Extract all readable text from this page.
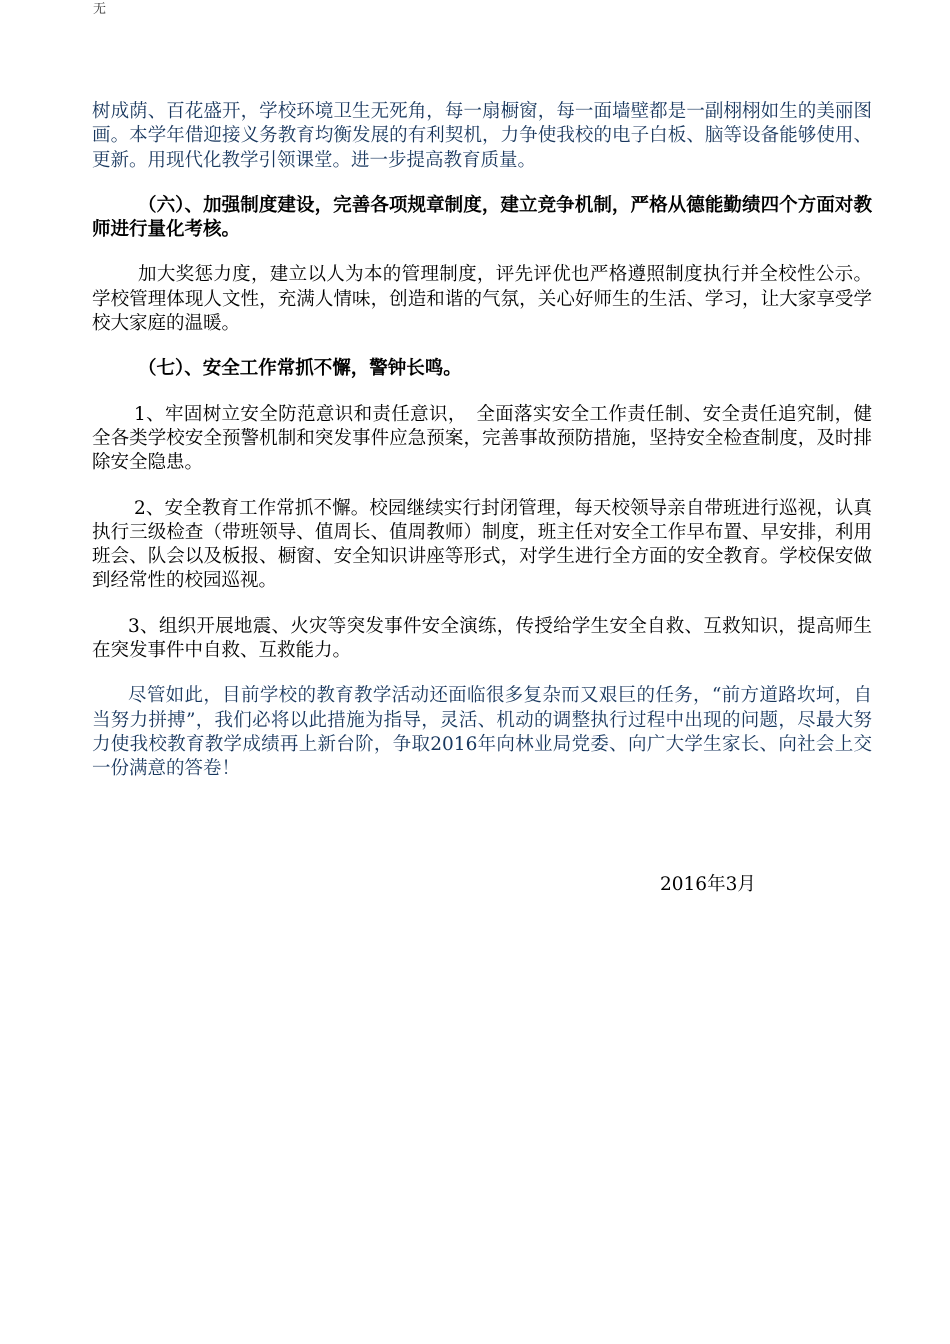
无

树成荫、百花盛开，学校环境卫生无死角，每一扇橱窗，每一面墙壁都是一副栩栩如生的美丽图画。本学年借迎接义务教育均衡发展的有利契机，力争使我校的电子白板、脑等设备能够使用、更新。用现代化教学引领课堂。进一步提高教育质量。

（六）、加强制度建设，完善各项规章制度，建立竞争机制，严格从德能勤绩四个方面对教师进行量化考核。

加大奖惩力度，建立以人为本的管理制度，评先评优也严格遵照制度执行并全校性公示。学校管理体现人文性，充满人情味，创造和谐的气氛，关心好师生的生活、学习，让大家享受学校大家庭的温暖。

（七）、安全工作常抓不懈，警钟长鸣。

1、牢固树立安全防范意识和责任意识，　全面落实安全工作责任制、安全责任追究制，健全各类学校安全预警机制和突发事件应急预案，完善事故预防措施，坚持安全检查制度，及时排除安全隐患。

2、安全教育工作常抓不懈。校园继续实行封闭管理，每天校领导亲自带班进行巡视，认真执行三级检查（带班领导、值周长、值周教师）制度，班主任对安全工作早布置、早安排，利用班会、队会以及板报、橱窗、安全知识讲座等形式，对学生进行全方面的安全教育。学校保安做到经常性的校园巡视。

3、组织开展地震、火灾等突发事件安全演练，传授给学生安全自救、互救知识，提高师生在突发事件中自救、互救能力。

尽管如此，目前学校的教育教学活动还面临很多复杂而又艰巨的任务，“前方道路坎坷，自当努力拼搏”，我们必将以此措施为指导，灵活、机动的调整执行过程中出现的问题，尽最大努力使我校教育教学成绩再上新台阶，争取2016年向林业局党委、向广大学生家长、向社会上交一份满意的答卷！

2016年3月
